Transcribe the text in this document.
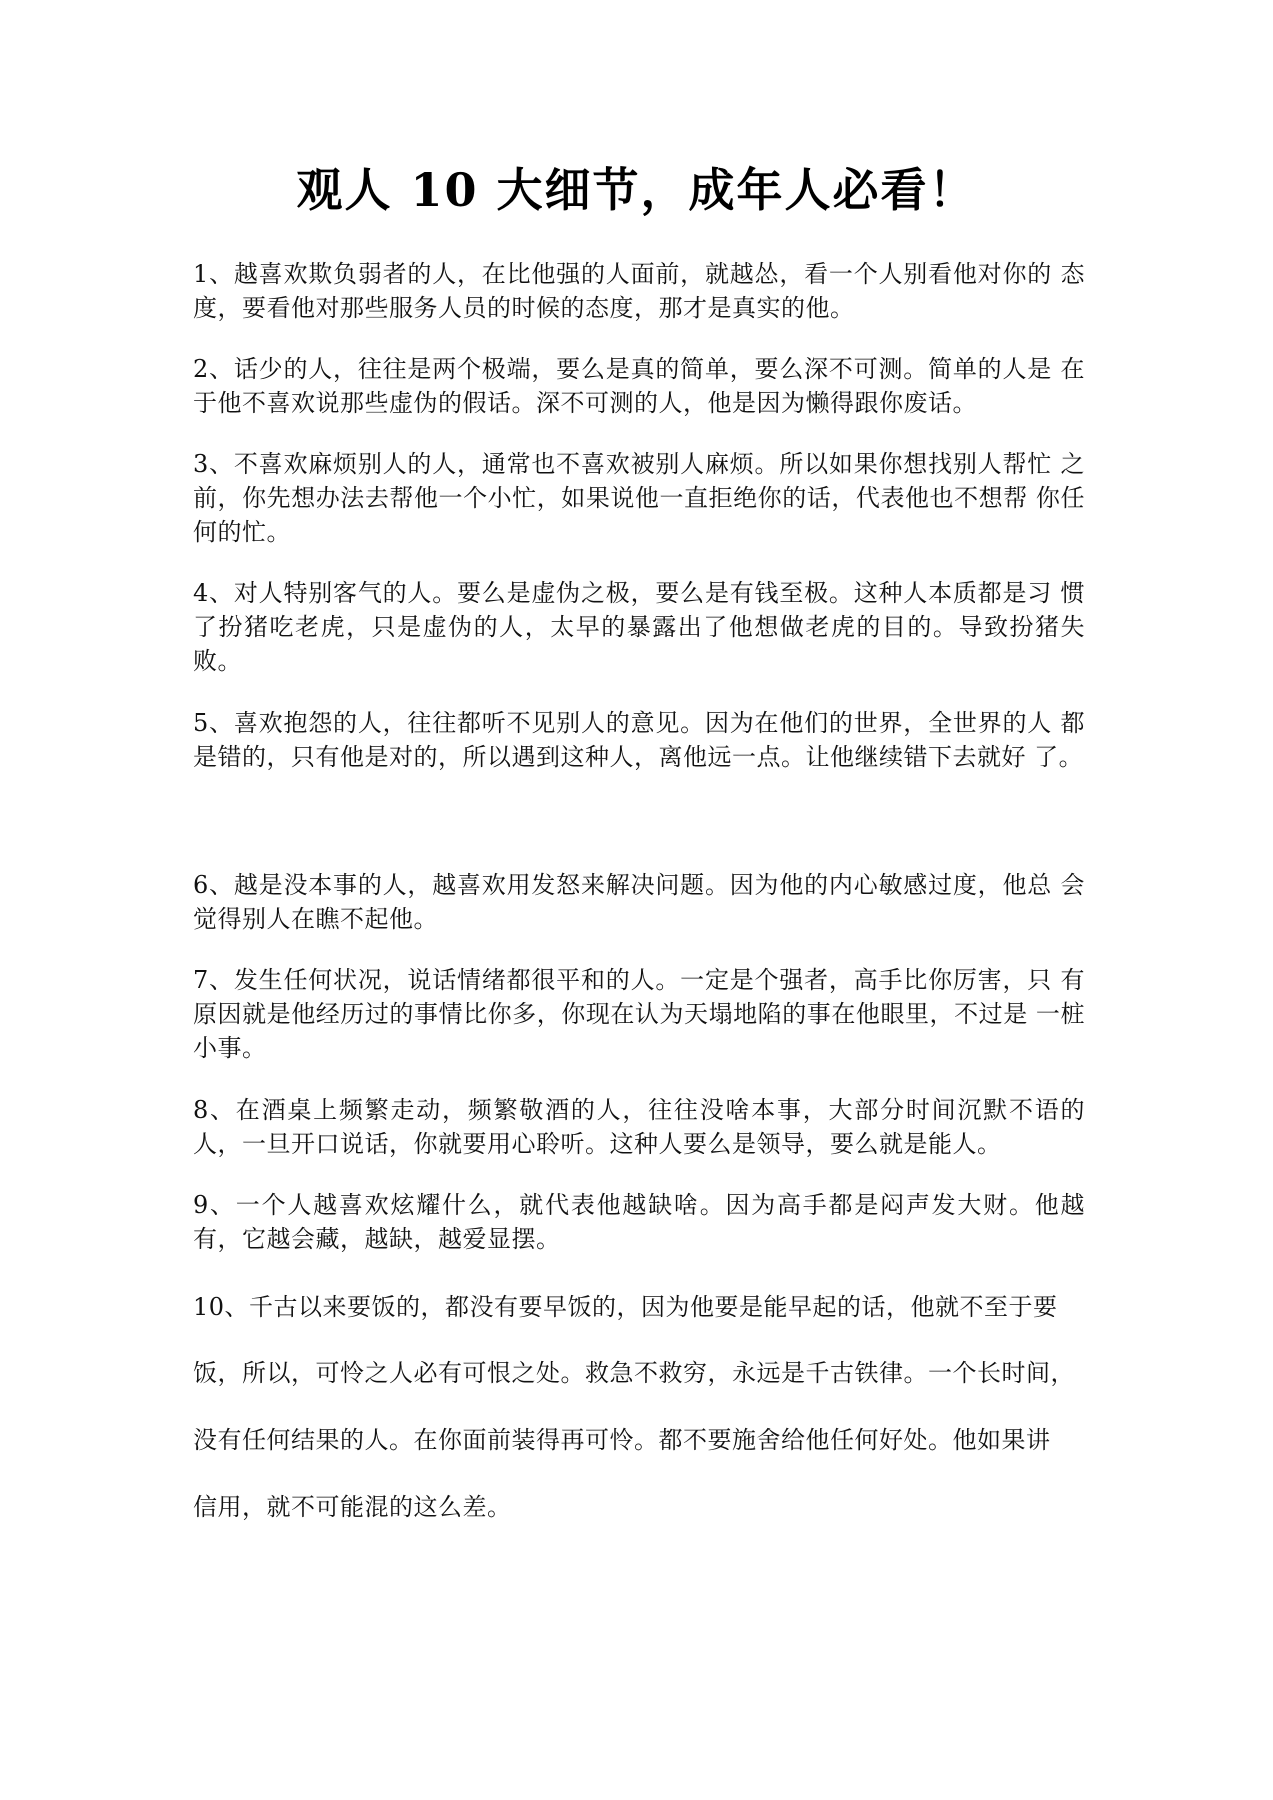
观人 10 大细节，成年人必看！
1、越喜欢欺负弱者的人，在比他强的人面前，就越怂，看一个人别看他对你的 态度，要看他对那些服务人员的时候的态度，那才是真实的他。
2、话少的人，往往是两个极端，要么是真的简单，要么深不可测。简单的人是 在于他不喜欢说那些虚伪的假话。深不可测的人，他是因为懒得跟你废话。
3、不喜欢麻烦别人的人，通常也不喜欢被别人麻烦。所以如果你想找别人帮忙 之前，你先想办法去帮他一个小忙，如果说他一直拒绝你的话，代表他也不想帮 你任何的忙。
4、对人特别客气的人。要么是虚伪之极，要么是有钱至极。这种人本质都是习 惯了扮猪吃老虎，只是虚伪的人，太早的暴露出了他想做老虎的目的。导致扮猪失败。
5、喜欢抱怨的人，往往都听不见别人的意见。因为在他们的世界，全世界的人 都是错的，只有他是对的，所以遇到这种人，离他远一点。让他继续错下去就好 了。
6、越是没本事的人，越喜欢用发怒来解决问题。因为他的内心敏感过度，他总 会觉得别人在瞧不起他。
7、发生任何状况，说话情绪都很平和的人。一定是个强者，高手比你厉害，只 有原因就是他经历过的事情比你多，你现在认为天塌地陷的事在他眼里，不过是 一桩小事。
8、在酒桌上频繁走动，频繁敬酒的人，往往没啥本事，大部分时间沉默不语的 人，一旦开口说话，你就要用心聆听。这种人要么是领导，要么就是能人。
9、一个人越喜欢炫耀什么，就代表他越缺啥。因为高手都是闷声发大财。他越 有，它越会藏，越缺，越爱显摆。
10、千古以来要饭的，都没有要早饭的，因为他要是能早起的话，他就不至于要
饭，所以，可怜之人必有可恨之处。救急不救穷，永远是千古铁律。一个长时间，
没有任何结果的人。在你面前装得再可怜。都不要施舍给他任何好处。他如果讲
信用，就不可能混的这么差。
